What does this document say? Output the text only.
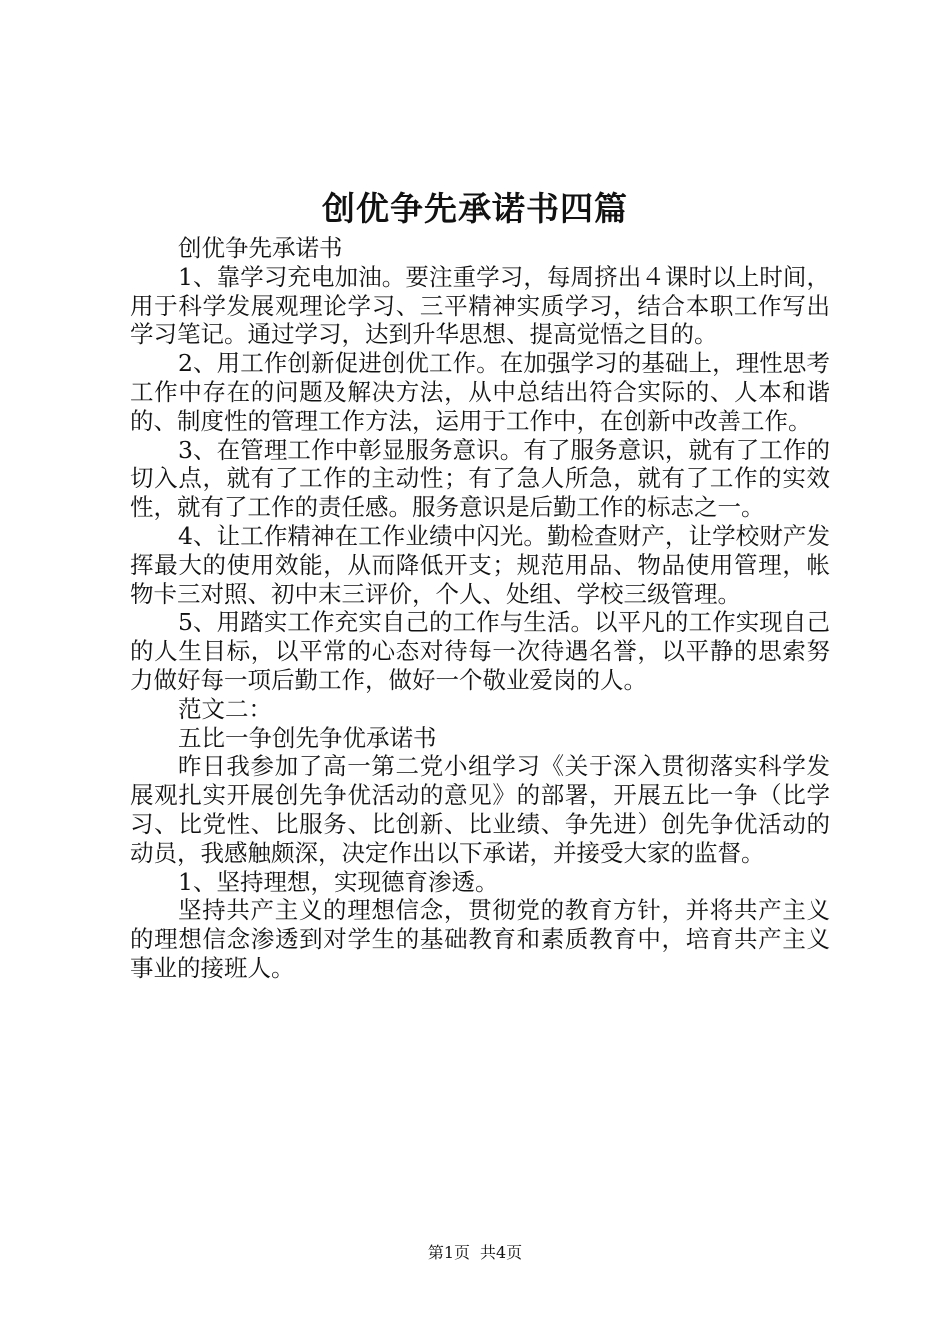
创优争先承诺书四篇

创优争先承诺书

1、靠学习充电加油。要注重学习，每周挤出４课时以上时间，用于科学发展观理论学习、三平精神实质学习，结合本职工作写出学习笔记。通过学习，达到升华思想、提高觉悟之目的。

2、用工作创新促进创优工作。在加强学习的基础上，理性思考工作中存在的问题及解决方法，从中总结出符合实际的、人本和谐的、制度性的管理工作方法，运用于工作中，在创新中改善工作。

3、在管理工作中彰显服务意识。有了服务意识，就有了工作的切入点，就有了工作的主动性；有了急人所急，就有了工作的实效性，就有了工作的责任感。服务意识是后勤工作的标志之一。

4、让工作精神在工作业绩中闪光。勤检查财产，让学校财产发挥最大的使用效能，从而降低开支；规范用品、物品使用管理，帐物卡三对照、初中末三评价，个人、处组、学校三级管理。

5、用踏实工作充实自己的工作与生活。以平凡的工作实现自己的人生目标，以平常的心态对待每一次待遇名誉，以平静的思索努力做好每一项后勤工作，做好一个敬业爱岗的人。

范文二：

五比一争创先争优承诺书

昨日我参加了高一第二党小组学习《关于深入贯彻落实科学发展观扎实开展创先争优活动的意见》的部署，开展五比一争（比学习、比党性、比服务、比创新、比业绩、争先进）创先争优活动的动员，我感触颇深，决定作出以下承诺，并接受大家的监督。

1、坚持理想，实现德育渗透。

坚持共产主义的理想信念，贯彻党的教育方针，并将共产主义的理想信念渗透到对学生的基础教育和素质教育中，培育共产主义事业的接班人。

第1页 共4页
